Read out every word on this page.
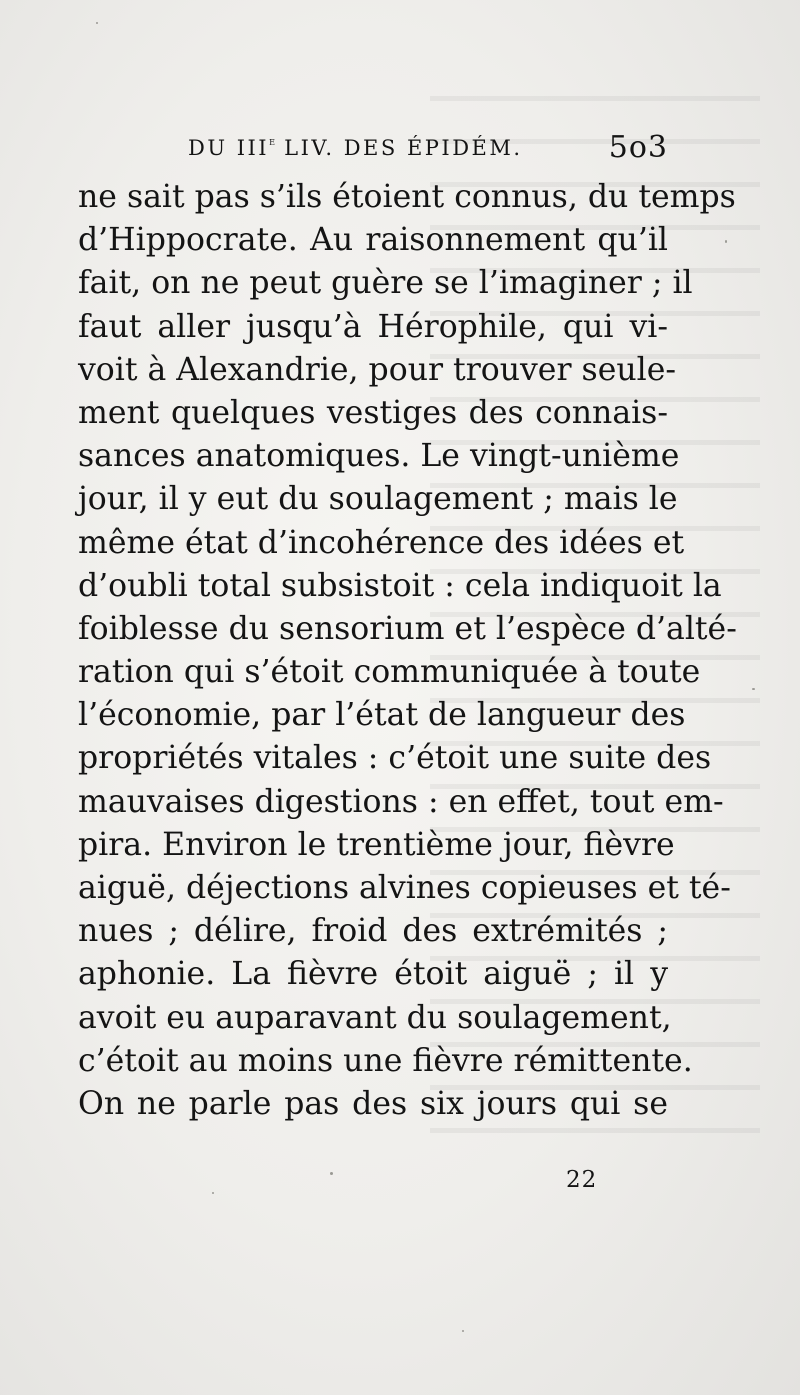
DU IIIe LIV. DES ÉPIDÉM.	5o3
ne sait pas s’ils étoient connus, du temps
d’Hippocrate. Au raisonnement qu’il
fait, on ne peut guère se l’imaginer ; il
faut aller jusqu’à Hérophile, qui vi-
voit à Alexandrie, pour trouver seule-
ment quelques vestiges des connais-
sances anatomiques. Le vingt-unième
jour, il y eut du soulagement ; mais le
même état d’incohérence des idées et
d’oubli total subsistoit : cela indiquoit la
foiblesse du sensorium et l’espèce d’alté-
ration qui s’étoit communiquée à toute
l’économie, par l’état de langueur des
propriétés vitales : c’étoit une suite des
mauvaises digestions : en effet, tout em-
pira. Environ le trentième jour, fièvre
aiguë, déjections alvines copieuses et té-
nues ; délire, froid des extrémités ;
aphonie. La fièvre étoit aiguë ; il y
avoit eu auparavant du soulagement,
c’étoit au moins une fièvre rémittente.
On ne parle pas des six jours qui se
22
